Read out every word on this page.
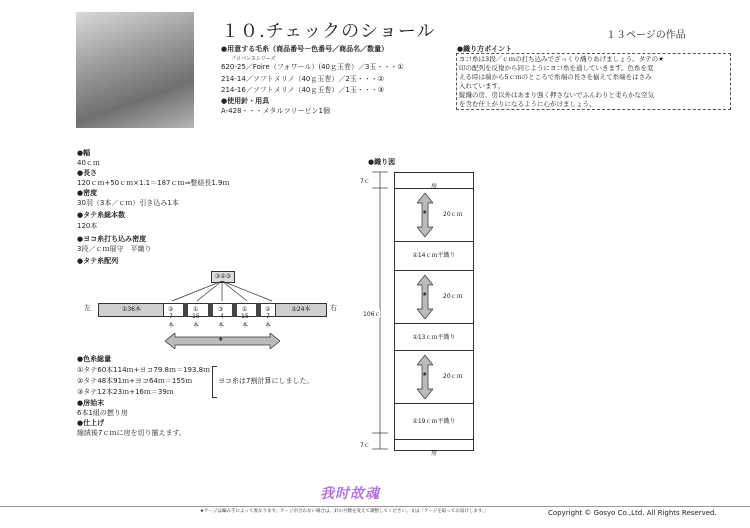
１０.チェックのショール	１３ページの作品
●用意する毛糸（商品番号－色番号／商品名／数量）
プロバンスシリーズ
620-25／Foire（フォワール）(40ｇ玉巻）／3玉・・・①
214-14／ソフトメリノ（40ｇ玉巻）／2玉・・・②
214-16／ソフトメリノ（40ｇ玉巻）／1玉・・・③
●使用針・用具
A-428・・・メタルツリーピン1個
●織り方ポイント
ヨコ糸は3段／ｃｍの打ち込みでざっくり織りあげましょう。タテの★
印の配列を反復から同じようにヨコ糸を通していきます。色糸を変
える時は端から5ｃｍのところで糸端の長さを揃えて糸端をはさみ
入れています。
縦織の房、房以外はあまり強く押さないでふんわりと柔らかな空気
を含む仕上がりになるように心がけましょう。
●幅
40ｃｍ
●長さ
120ｃｍ+50ｃｍ×1.1＝187ｃｍ⇒整経長1.9ｍ
●密度
30羽（3本／ｃｍ）引き込み1本
●タテ糸総本数
120本
●ヨコ糸打ち込み密度
3段／ｃｍ展守　平織り
●タテ糸配列
左	右
③②③
①36本	①24本
②
7
本
①
15
本
③
4
本
①
15
本
②
7
本
★
●色糸総量
①タテ60本114ｍ+ヨコ79.8ｍ＝193.8ｍ
②タテ48本91ｍ+ヨコ64ｍ＝155ｍ
③タテ12本23ｍ+16ｍ＝39ｍ
ヨコ糸は7割計算にしました。
●房始末
6本1組の撚り房
●仕上げ
縮絨後7ｃｍに房を切り揃えます。
●織り図
7ｃ
106ｃ
7ｃ
房
★	20ｃｍ
①14ｃｍ平織り
★	20ｃｍ
①13ｃｍ平織り
★	20ｃｍ
①19ｃｍ平織り
房
我时故魂
★ゲージは編み手によって異なります。ゲージが合わない場合は、針の号数を変えて調整してください。文は「ゲージを取ってお届けします。」	Copyright © Gosyo Co.,Ltd. All Rights Reserved.
